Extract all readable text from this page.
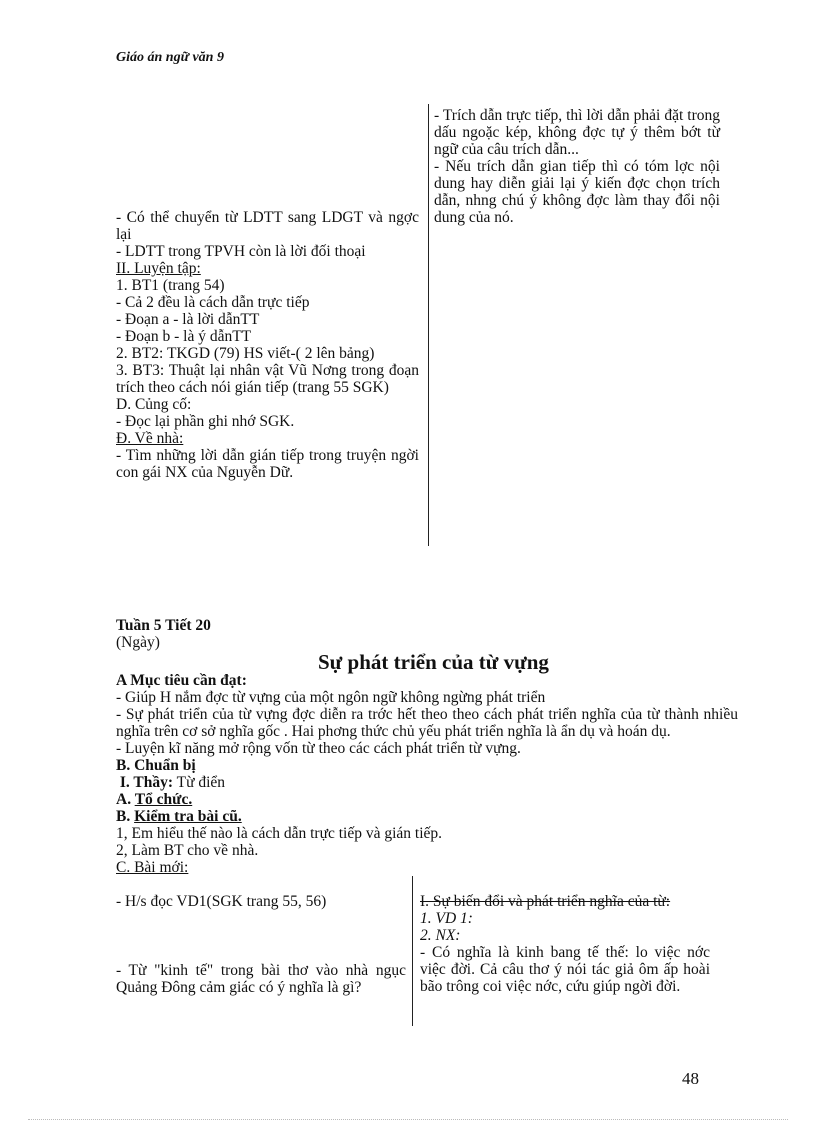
Giáo án ngữ văn 9

- Trích dẫn trực tiếp, thì lời dẫn phải đặt trong dấu ngoặc kép, không đợc tự ý thêm bớt từ ngữ của câu trích dẫn...

- Nếu trích dẫn gian tiếp thì có tóm lợc nội dung hay diễn giải lại ý kiến đợc chọn trích dẫn, nhng chú ý không đợc làm thay đổi nội dung của nó.

- Có thể chuyển từ LDTT sang LDGT và ngợc lại

- LDTT trong TPVH còn là lời đối thoại

II. Luyện tập:

1. BT1 (trang 54)

- Cả 2 đều là cách dẫn trực tiếp

- Đoạn a - là lời dẫnTT

- Đoạn b - là ý dẫnTT

2. BT2: TKGD (79) HS viết-( 2 lên bảng)

3. BT3: Thuật lại nhân vật Vũ Nơng trong đoạn trích theo cách nói gián tiếp (trang 55 SGK)

D. Củng cố:

- Đọc lại phần ghi nhớ SGK.

Đ. Về nhà:

- Tìm những lời dẫn gián tiếp trong truyện ngời con gái NX của Nguyễn Dữ.

Tuần 5 Tiết 20
(Ngày)
Sự phát triển của từ vựng

A Mục tiêu cần đạt:

- Giúp H nắm đợc từ vựng của một ngôn ngữ không ngừng phát triển

- Sự phát triển của từ vựng đợc diễn ra trớc hết theo theo cách phát triển nghĩa của từ thành nhiều nghĩa trên cơ sở nghĩa gốc . Hai phơng thức chủ yếu phát triển nghĩa là ẩn dụ và hoán dụ.

- Luyện kĩ năng mở rộng vốn từ theo các cách phát triển từ vựng.

B. Chuẩn bị

I. Thầy: Từ điển

A. Tổ chức.

B. Kiểm tra bài cũ.

1, Em hiểu thế nào là cách dẫn trực tiếp và gián tiếp.

2, Làm BT cho về nhà.

C. Bài mới:

- H/s đọc VD1(SGK trang 55, 56)
- Từ "kinh tế" trong bài thơ vào nhà ngục Quảng Đông cảm giác có ý nghĩa là gì?

I. Sự biến đổi và phát triển nghĩa của từ:

1. VD 1:

2. NX:

- Có nghĩa là kinh bang tế thế: lo việc nớc việc đời. Cả câu thơ ý nói tác giả ôm ấp hoài bão trông coi việc nớc, cứu giúp ngời đời.

48
